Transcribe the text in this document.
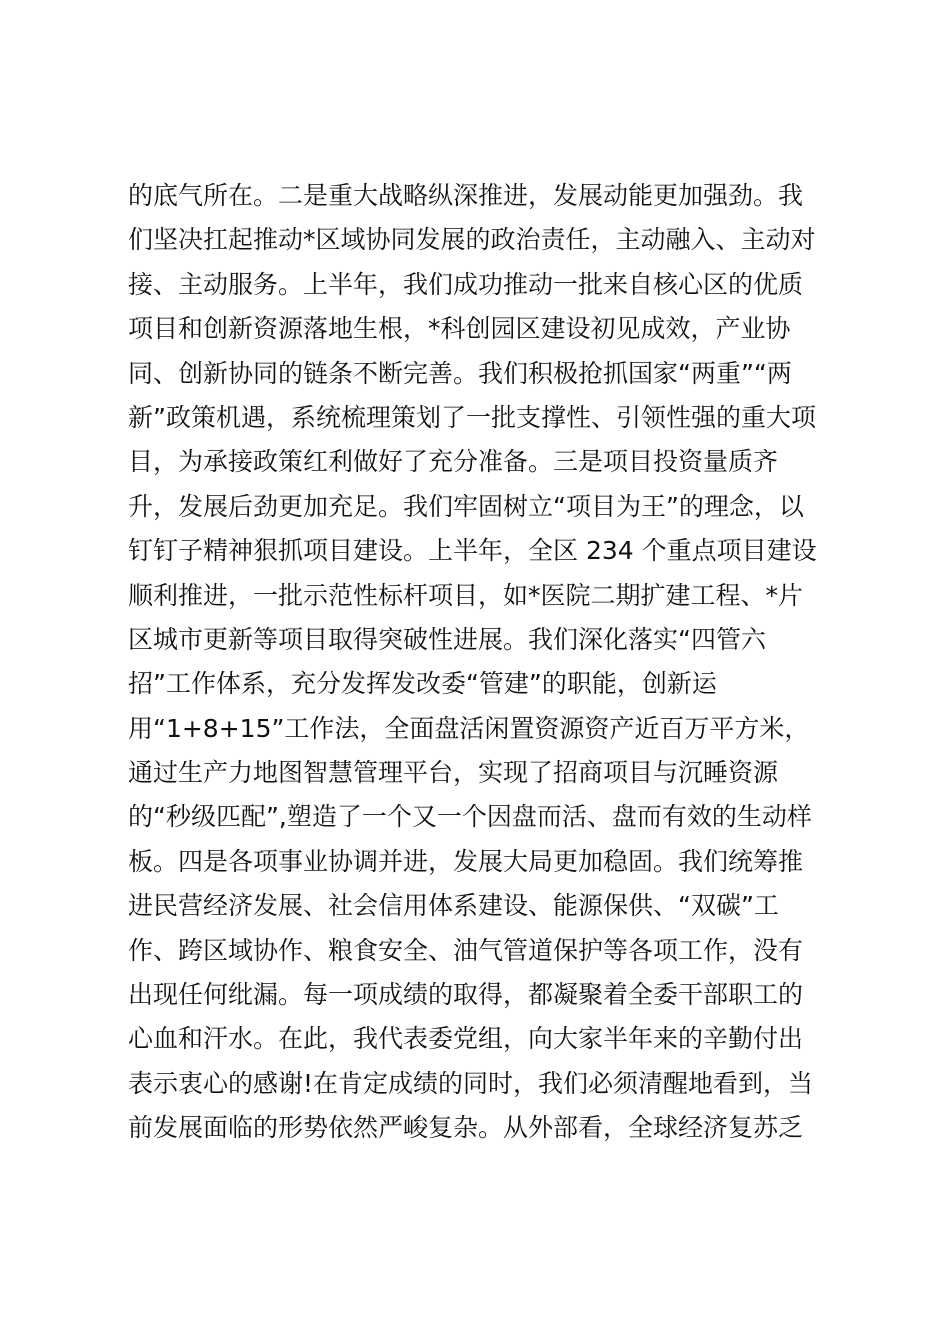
的底气所在。二是重大战略纵深推进，发展动能更加强劲。我
们坚决扛起推动*区域协同发展的政治责任，主动融入、主动对
接、主动服务。上半年，我们成功推动一批来自核心区的优质
项目和创新资源落地生根，*科创园区建设初见成效，产业协
同、创新协同的链条不断完善。我们积极抢抓国家“两重”“两
新”政策机遇，系统梳理策划了一批支撑性、引领性强的重大项
目，为承接政策红利做好了充分准备。三是项目投资量质齐
升，发展后劲更加充足。我们牢固树立“项目为王”的理念，以
钉钉子精神狠抓项目建设。上半年，全区 234 个重点项目建设
顺利推进，一批示范性标杆项目，如*医院二期扩建工程、*片
区城市更新等项目取得突破性进展。我们深化落实“四管六
招”工作体系，充分发挥发改委“管建”的职能，创新运
用“1+8+15”工作法，全面盘活闲置资源资产近百万平方米，
通过生产力地图智慧管理平台，实现了招商项目与沉睡资源
的“秒级匹配”,塑造了一个又一个因盘而活、盘而有效的生动样
板。四是各项事业协调并进，发展大局更加稳固。我们统筹推
进民营经济发展、社会信用体系建设、能源保供、“双碳”工
作、跨区域协作、粮食安全、油气管道保护等各项工作，没有
出现任何纰漏。每一项成绩的取得，都凝聚着全委干部职工的
心血和汗水。在此，我代表委党组，向大家半年来的辛勤付出
表示衷心的感谢!在肯定成绩的同时，我们必须清醒地看到，当
前发展面临的形势依然严峻复杂。从外部看，全球经济复苏乏
